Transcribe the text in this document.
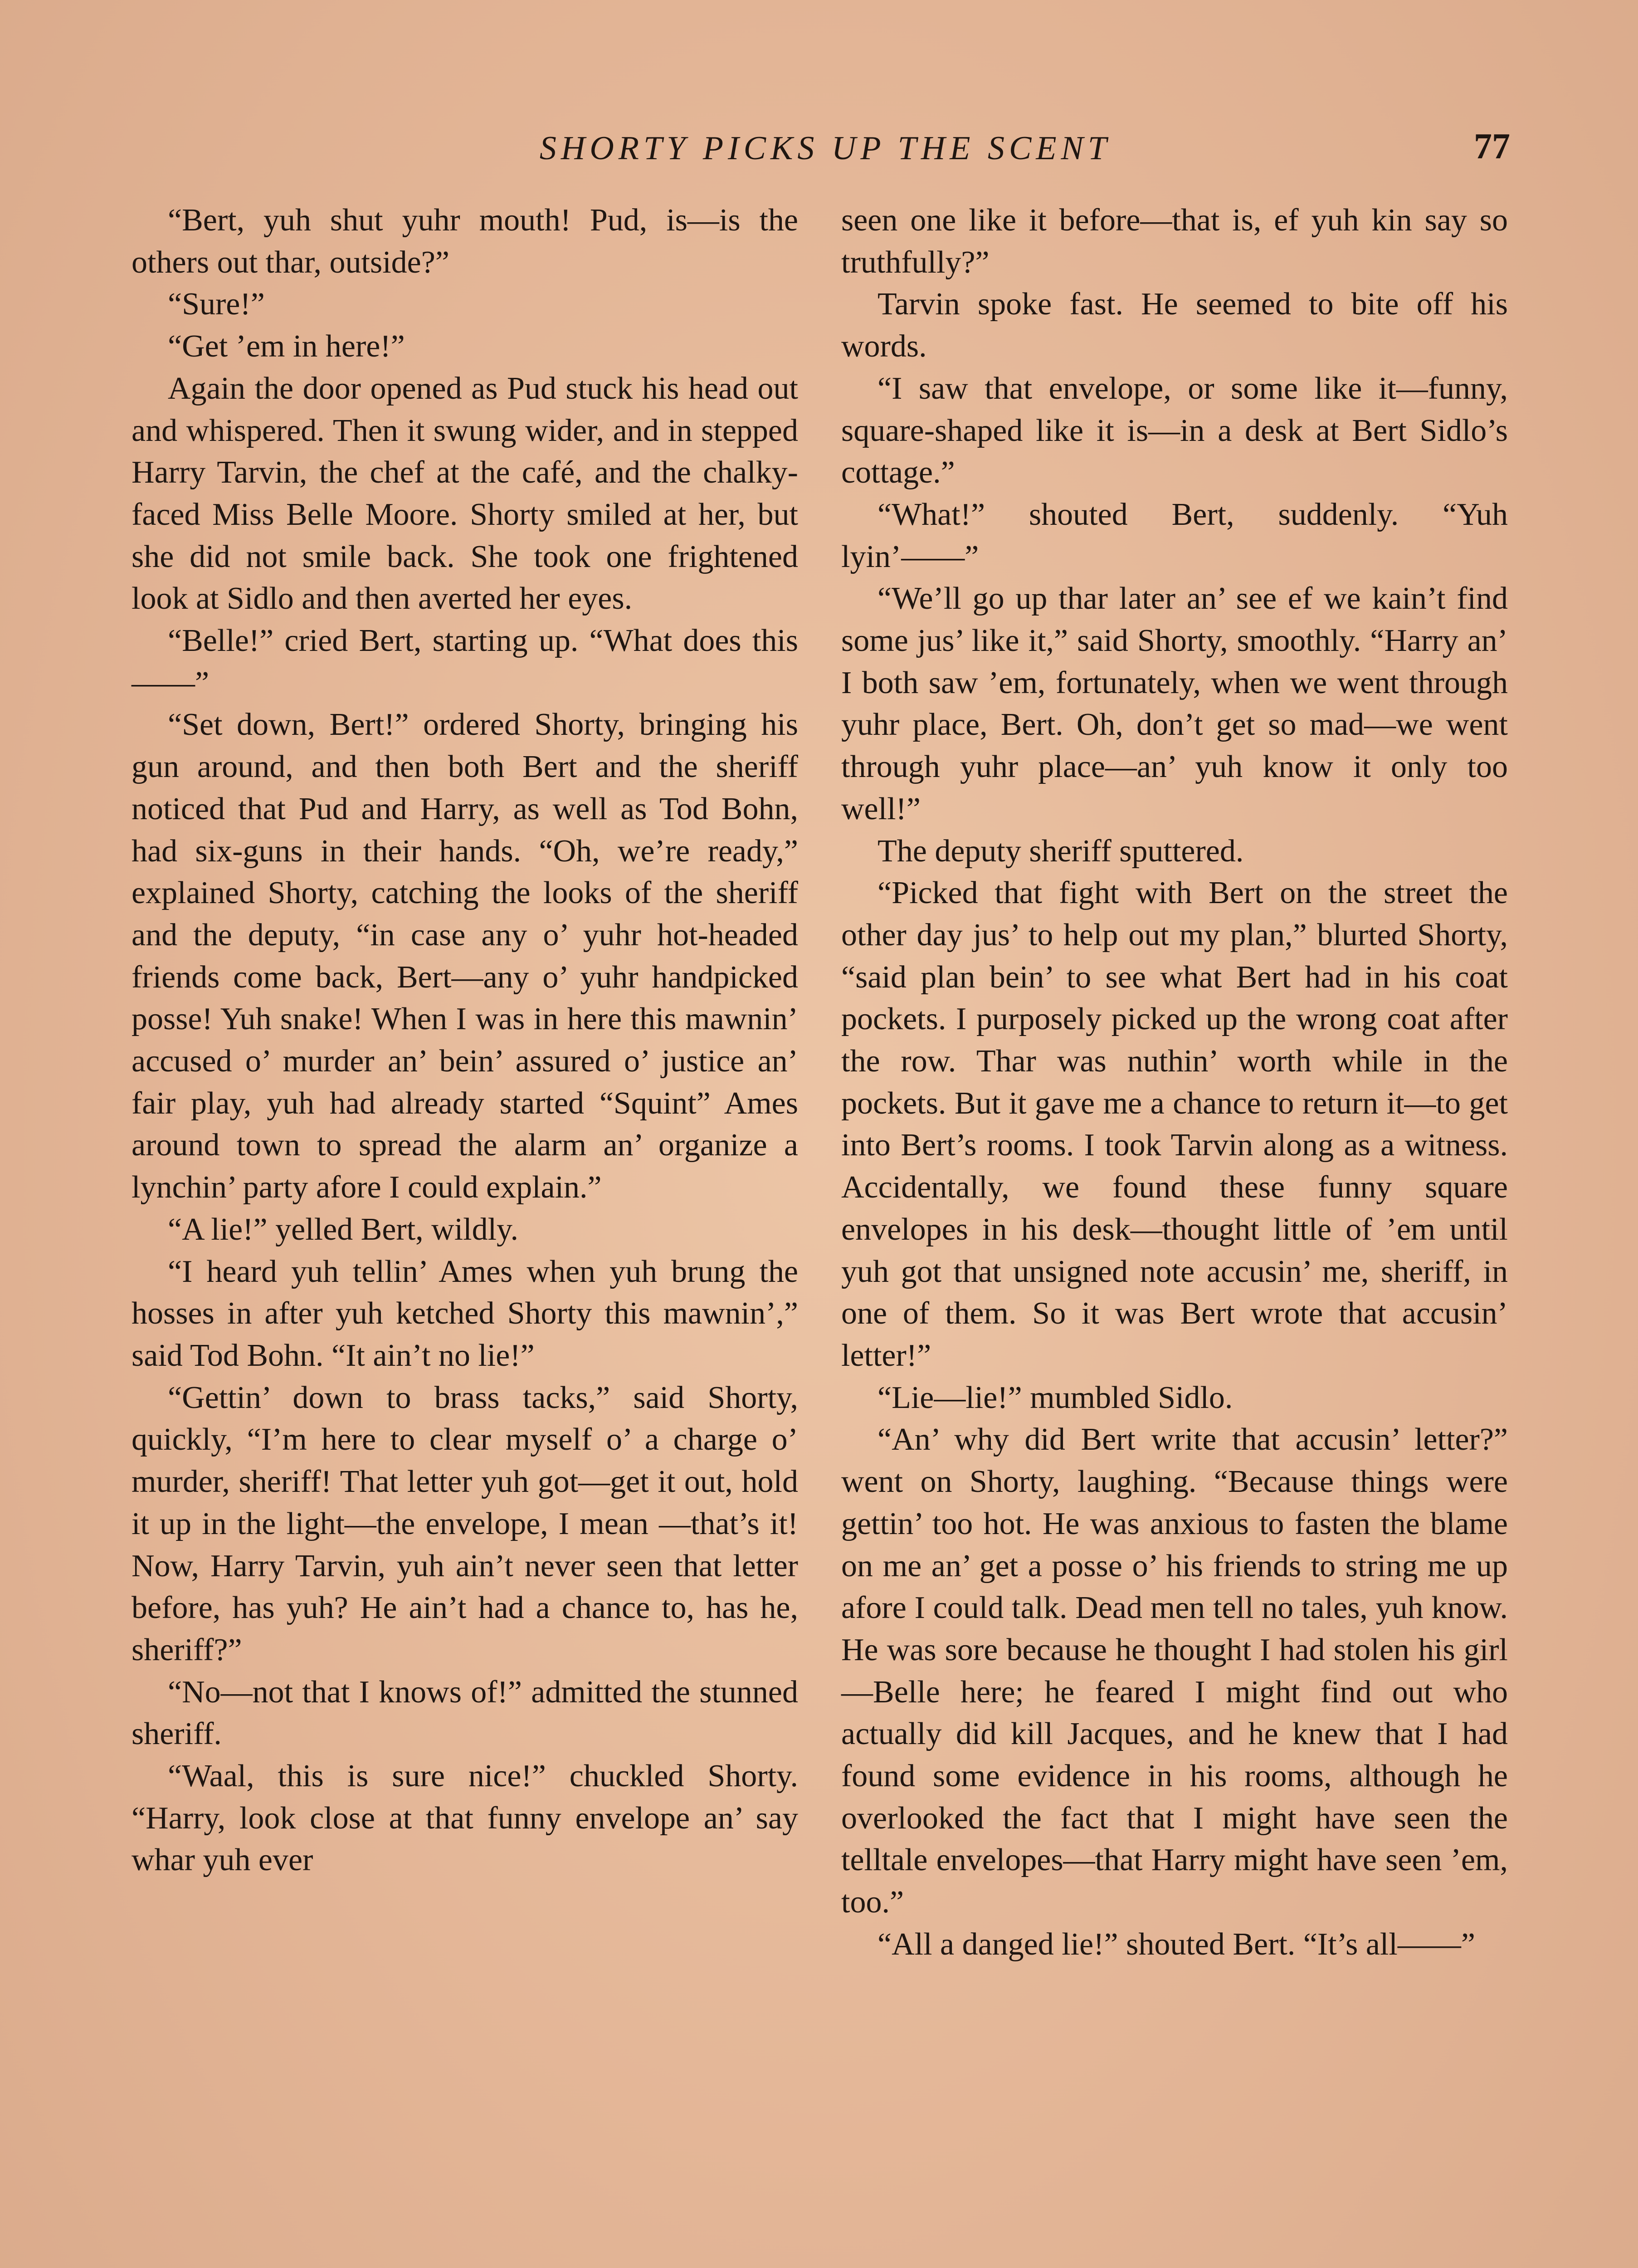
SHORTY PICKS UP THE SCENT	77

“Bert, yuh shut yuhr mouth! Pud, is—is the others out thar, outside?”

“Sure!”

“Get ’em in here!”

Again the door opened as Pud stuck his head out and whispered. Then it swung wider, and in stepped Harry Tarvin, the chef at the café, and the chalky-faced Miss Belle Moore. Shorty smiled at her, but she did not smile back. She took one frightened look at Sidlo and then averted her eyes.

“Belle!” cried Bert, starting up. “What does this——”

“Set down, Bert!” ordered Shorty, bringing his gun around, and then both Bert and the sheriff noticed that Pud and Harry, as well as Tod Bohn, had six-guns in their hands. “Oh, we’re ready,” explained Shorty, catching the looks of the sheriff and the deputy, “in case any o’ yuhr hot-headed friends come back, Bert—any o’ yuhr handpicked posse! Yuh snake! When I was in here this mawnin’ accused o’ murder an’ bein’ assured o’ justice an’ fair play, yuh had already started “Squint” Ames around town to spread the alarm an’ organize a lynchin’ party afore I could explain.”

“A lie!” yelled Bert, wildly.

“I heard yuh tellin’ Ames when yuh brung the hosses in after yuh ketched Shorty this mawnin’,” said Tod Bohn. “It ain’t no lie!”

“Gettin’ down to brass tacks,” said Shorty, quickly, “I’m here to clear myself o’ a charge o’ murder, sheriff! That letter yuh got—get it out, hold it up in the light—the envelope, I mean —that’s it! Now, Harry Tarvin, yuh ain’t never seen that letter before, has yuh? He ain’t had a chance to, has he, sheriff?”

“No—not that I knows of!” admitted the stunned sheriff.

“Waal, this is sure nice!” chuckled Shorty. “Harry, look close at that funny envelope an’ say whar yuh ever

seen one like it before—that is, ef yuh kin say so truthfully?”

Tarvin spoke fast. He seemed to bite off his words.

“I saw that envelope, or some like it—funny, square-shaped like it is—in a desk at Bert Sidlo’s cottage.”

“What!” shouted Bert, suddenly. “Yuh lyin’——”

“We’ll go up thar later an’ see ef we kain’t find some jus’ like it,” said Shorty, smoothly. “Harry an’ I both saw ’em, fortunately, when we went through yuhr place, Bert. Oh, don’t get so mad—we went through yuhr place—an’ yuh know it only too well!”

The deputy sheriff sputtered.

“Picked that fight with Bert on the street the other day jus’ to help out my plan,” blurted Shorty, “said plan bein’ to see what Bert had in his coat pockets. I purposely picked up the wrong coat after the row. Thar was nuthin’ worth while in the pockets. But it gave me a chance to return it—to get into Bert’s rooms. I took Tarvin along as a witness. Accidentally, we found these funny square envelopes in his desk—thought little of ’em until yuh got that unsigned note accusin’ me, sheriff, in one of them. So it was Bert wrote that accusin’ letter!”

“Lie—lie!” mumbled Sidlo.

“An’ why did Bert write that accusin’ letter?” went on Shorty, laughing. “Because things were gettin’ too hot. He was anxious to fasten the blame on me an’ get a posse o’ his friends to string me up afore I could talk. Dead men tell no tales, yuh know. He was sore because he thought I had stolen his girl—Belle here; he feared I might find out who actually did kill Jacques, and he knew that I had found some evidence in his rooms, although he overlooked the fact that I might have seen the telltale envelopes—that Harry might have seen ’em, too.”

“All a danged lie!” shouted Bert. “It’s all——”
